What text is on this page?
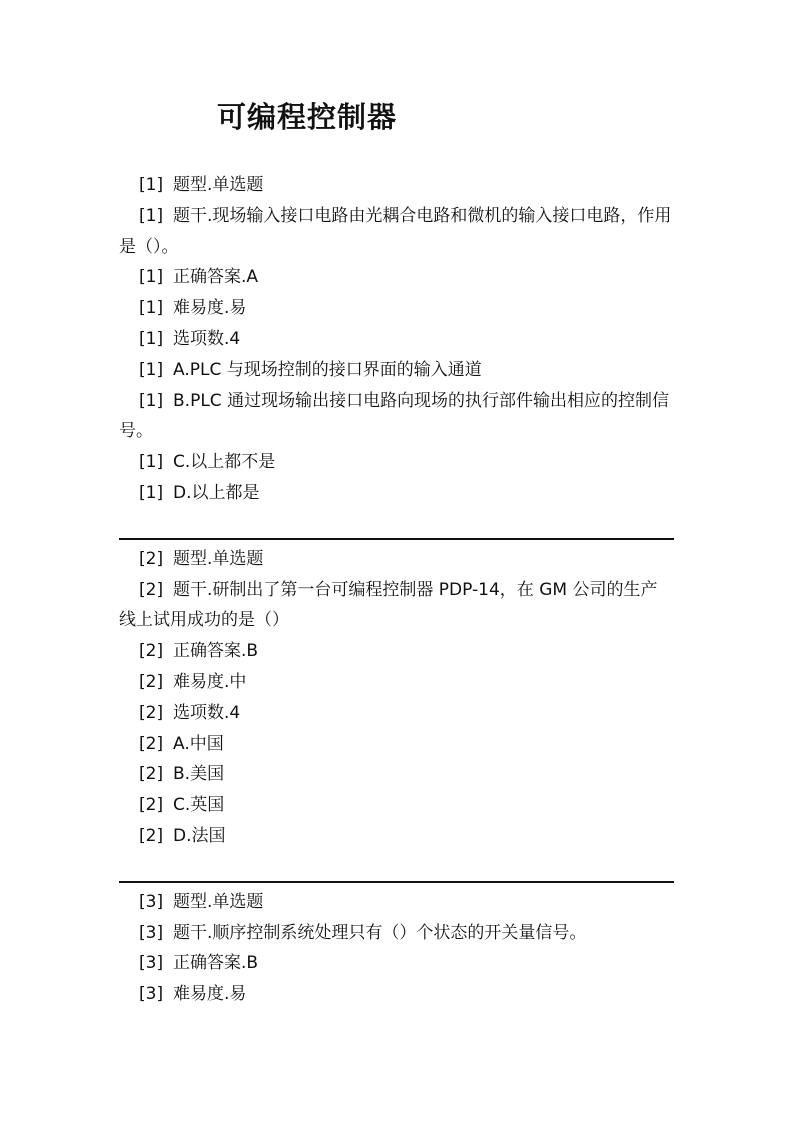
可编程控制器
[1] 题型.单选题
[1] 题干.现场输入接口电路由光耦合电路和微机的输入接口电路，作用是（）。
[1] 正确答案.A
[1] 难易度.易
[1] 选项数.4
[1] A.PLC 与现场控制的接口界面的输入通道
[1] B.PLC 通过现场输出接口电路向现场的执行部件输出相应的控制信号。
[1] C.以上都不是
[1] D.以上都是
[2] 题型.单选题
[2] 题干.研制出了第一台可编程控制器 PDP-14，在 GM 公司的生产线上试用成功的是（）
[2] 正确答案.B
[2] 难易度.中
[2] 选项数.4
[2] A.中国
[2] B.美国
[2] C.英国
[2] D.法国
[3] 题型.单选题
[3] 题干.顺序控制系统处理只有（）个状态的开关量信号。
[3] 正确答案.B
[3] 难易度.易
